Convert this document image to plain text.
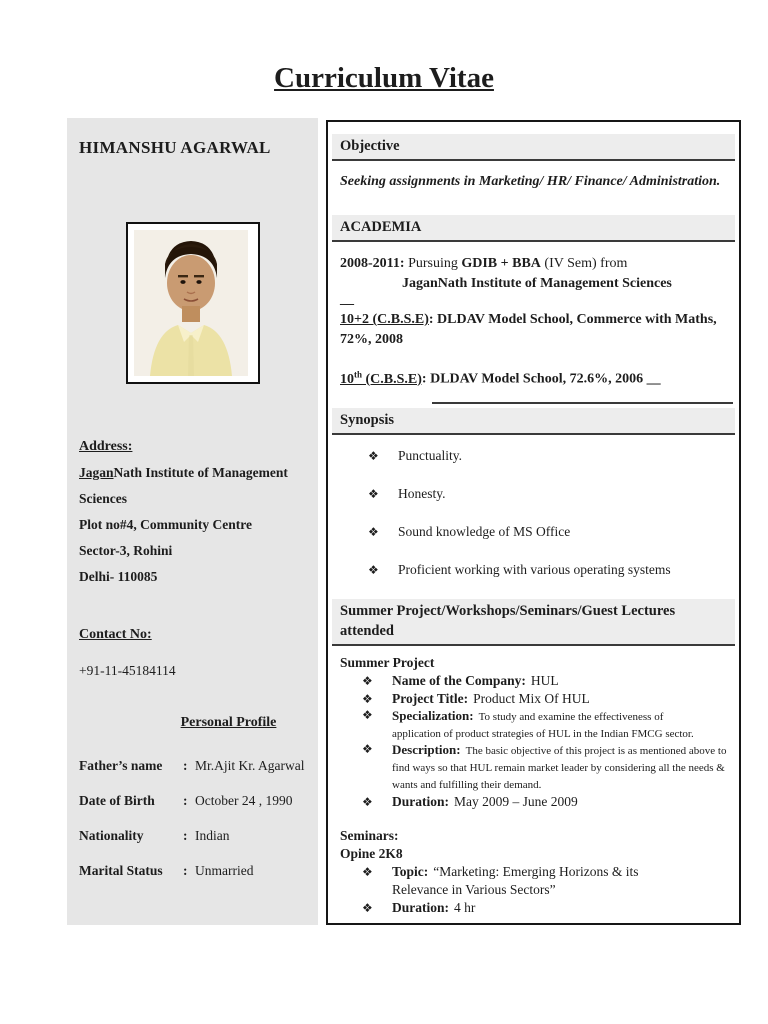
Curriculum Vitae
HIMANSHU AGARWAL
Address:
JaganNath Institute of Management
Sciences
Plot no#4, Community Centre
Sector-3, Rohini
Delhi- 110085
Contact No:
+91-11-45184114
Personal Profile
Father’s name : Mr.Ajit Kr. Agarwal
Date of Birth : October 24 , 1990
Nationality	: Indian
Marital Status : Unmarried
Objective
Seeking assignments in Marketing/ HR/ Finance/ Administration.
ACADEMIA
2008-2011: Pursuing GDIB + BBA (IV Sem) from
JaganNath Institute of Management Sciences
__
10+2 (C.B.S.E): DLDAV Model School, Commerce with Maths, 72%, 2008
10th (C.B.S.E): DLDAV Model School, 72.6%, 2006 __
Synopsis
❖	Punctuality.
❖	Honesty.
❖	Sound knowledge of MS Office
❖	Proficient working with various operating systems
Summer Project/Workshops/Seminars/Guest Lectures attended
Summer Project
❖	Name of the Company: HUL
❖	Project Title: Product Mix Of HUL
❖	Specialization: To study and examine the effectiveness of application of product strategies of HUL in the Indian FMCG sector.
❖	Description: The basic objective of this project is as mentioned above to find ways so that HUL remain market leader by considering all the needs & wants and fulfilling their demand.
❖	Duration: May 2009 – June 2009
Seminars:
Opine 2K8
❖	Topic: “Marketing: Emerging Horizons & its Relevance in Various Sectors”
❖	Duration: 4 hr
